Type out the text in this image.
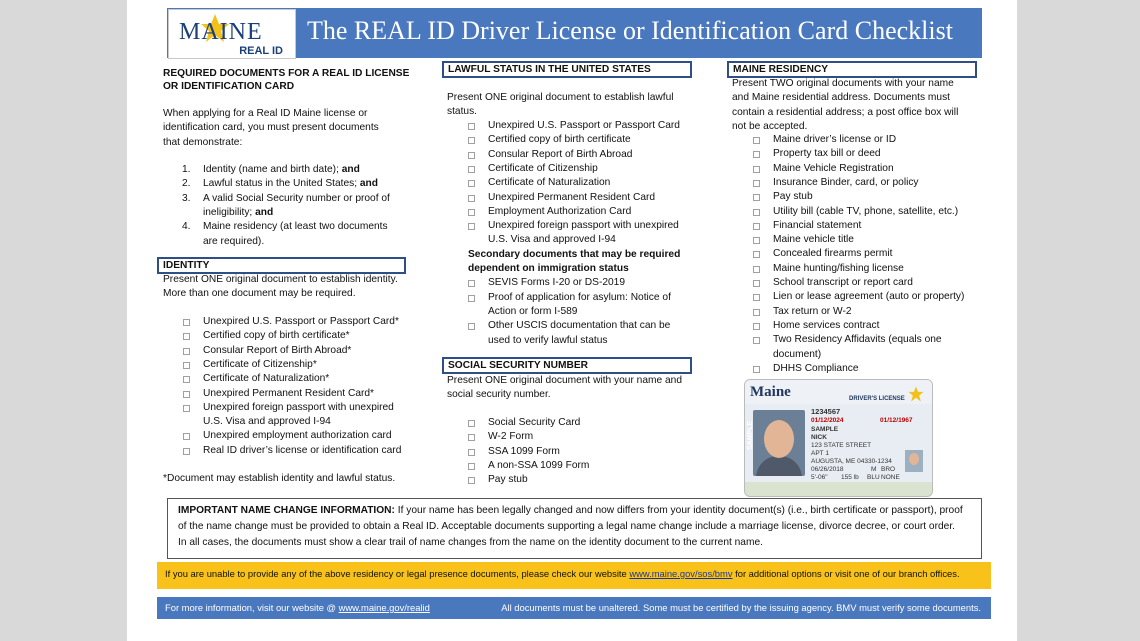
The REAL ID Driver License or Identification Card Checklist
MAINE
REAL ID
REQUIRED DOCUMENTS FOR A REAL ID LICENSE
OR IDENTIFICATION CARD
When applying for a Real ID Maine license or
identification card, you must present documents
that demonstrate:
1. Identity (name and birth date); and
2. Lawful status in the United States; and
3. A valid Social Security number or proof of
ineligibility; and
4. Maine residency (at least two documents
are required).
IDENTITY
Present ONE original document to establish identity.
More than one document may be required.
Unexpired U.S. Passport or Passport Card*
Certified copy of birth certificate*
Consular Report of Birth Abroad*
Certificate of Citizenship*
Certificate of Naturalization*
Unexpired Permanent Resident Card*
Unexpired foreign passport with unexpired
U.S. Visa and approved I-94
Unexpired employment authorization card
Real ID driver’s license or identification card
*Document may establish identity and lawful status.
LAWFUL STATUS IN THE UNITED STATES
Present ONE original document to establish lawful
status.
Unexpired U.S. Passport or Passport Card
Certified copy of birth certificate
Consular Report of Birth Abroad
Certificate of Citizenship
Certificate of Naturalization
Unexpired Permanent Resident Card
Employment Authorization Card
Unexpired foreign passport with unexpired
U.S. Visa and approved I-94
Secondary documents that may be required
dependent on immigration status
SEVIS Forms I-20 or DS-2019
Proof of application for asylum: Notice of
Action or form I-589
Other USCIS documentation that can be
used to verify lawful status
SOCIAL SECURITY NUMBER
Present ONE original document with your name and
social security number.
Social Security Card
W-2 Form
SSA 1099 Form
A non-SSA 1099 Form
Pay stub
MAINE RESIDENCY
Present TWO original documents with your name
and Maine residential address. Documents must
contain a residential address; a post office box will
not be accepted.
Maine driver’s license or ID
Property tax bill or deed
Maine Vehicle Registration
Insurance Binder, card, or policy
Pay stub
Utility bill (cable TV, phone, satellite, etc.)
Financial statement
Maine vehicle title
Concealed firearms permit
Maine hunting/fishing license
School transcript or report card
Lien or lease agreement (auto or property)
Tax return or W-2
Home services contract
Two Residency Affidavits (equals one
document)
DHHS Compliance
Maine	DRIVER'S LICENSE
1234567
01/12/2024	01/12/1967
SAMPLE
NICK
123 STATE STREET
APT 1
AUGUSTA, ME 04330-1234
06/26/2018
5'-06" 155 lb BLU
BRO
M
NONE
SAMPLE
IMPORTANT NAME CHANGE INFORMATION: If your name has been legally changed and now differs from your identity document(s) (i.e., birth certificate or passport), proof
of the name change must be provided to obtain a Real ID. Acceptable documents supporting a legal name change include a marriage license, divorce decree, or court order.
In all cases, the documents must show a clear trail of name changes from the name on the identity document to the current name.
If you are unable to provide any of the above residency or legal presence documents, please check our website www.maine.gov/sos/bmv for additional options or visit one of our branch offices.
For more information, visit our website @ www.maine.gov/realid	All documents must be unaltered. Some must be certified by the issuing agency. BMV must verify some documents.
